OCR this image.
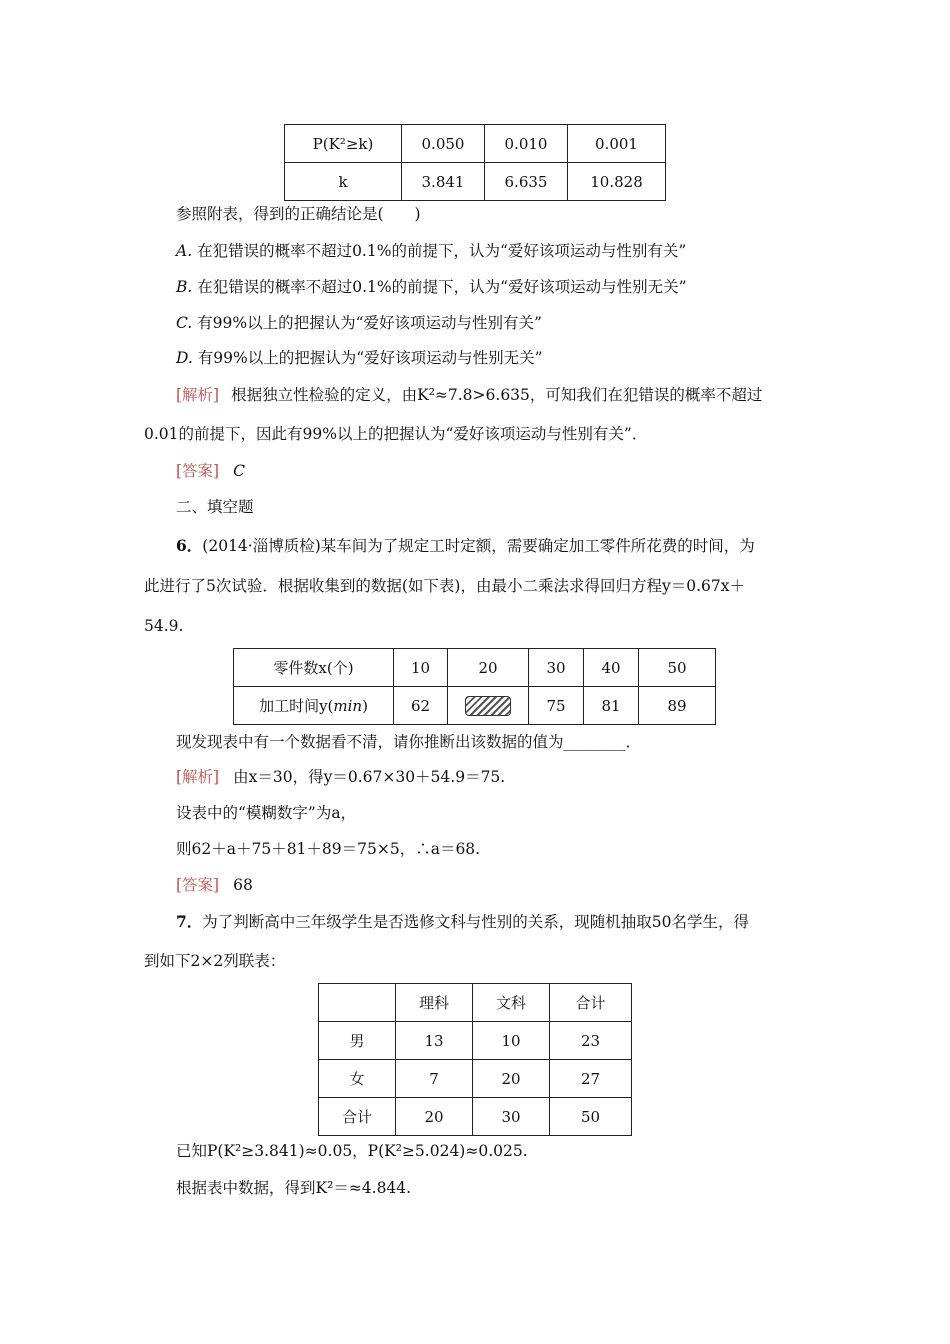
P(K²≥k)	0.050	0.010	0.001
k	3.841	6.635	10.828
参照附表，得到的正确结论是(　　)
A. 在犯错误的概率不超过0.1%的前提下，认为“爱好该项运动与性别有关”
B. 在犯错误的概率不超过0.1%的前提下，认为“爱好该项运动与性别无关”
C. 有99%以上的把握认为“爱好该项运动与性别有关”
D. 有99%以上的把握认为“爱好该项运动与性别无关”
[解析] 根据独立性检验的定义，由K²≈7.8>6.635，可知我们在犯错误的概率不超过
0.01的前提下，因此有99%以上的把握认为“爱好该项运动与性别有关”．
[答案] C
二、填空题
6．(2014·淄博质检)某车间为了规定工时定额，需要确定加工零件所花费的时间，为
此进行了5次试验．根据收集到的数据(如下表)，由最小二乘法求得回归方程y＝0.67x＋
54.9.
零件数x(个)	10	20	30	40	50
加工时间y(min)	62		75	81	89
现发现表中有一个数据看不清，请你推断出该数据的值为________．
[解析] 由x＝30，得y＝0.67×30＋54.9＝75.
设表中的“模糊数字”为a，
则62＋a＋75＋81＋89＝75×5，∴a＝68.
[答案] 68
7．为了判断高中三年级学生是否选修文科与性别的关系，现随机抽取50名学生，得
到如下2×2列联表：
	理科	文科	合计
男	13	10	23
女	7	20	27
合计	20	30	50
已知P(K²≥3.841)≈0.05，P(K²≥5.024)≈0.025.
根据表中数据，得到K²＝≈4.844.
